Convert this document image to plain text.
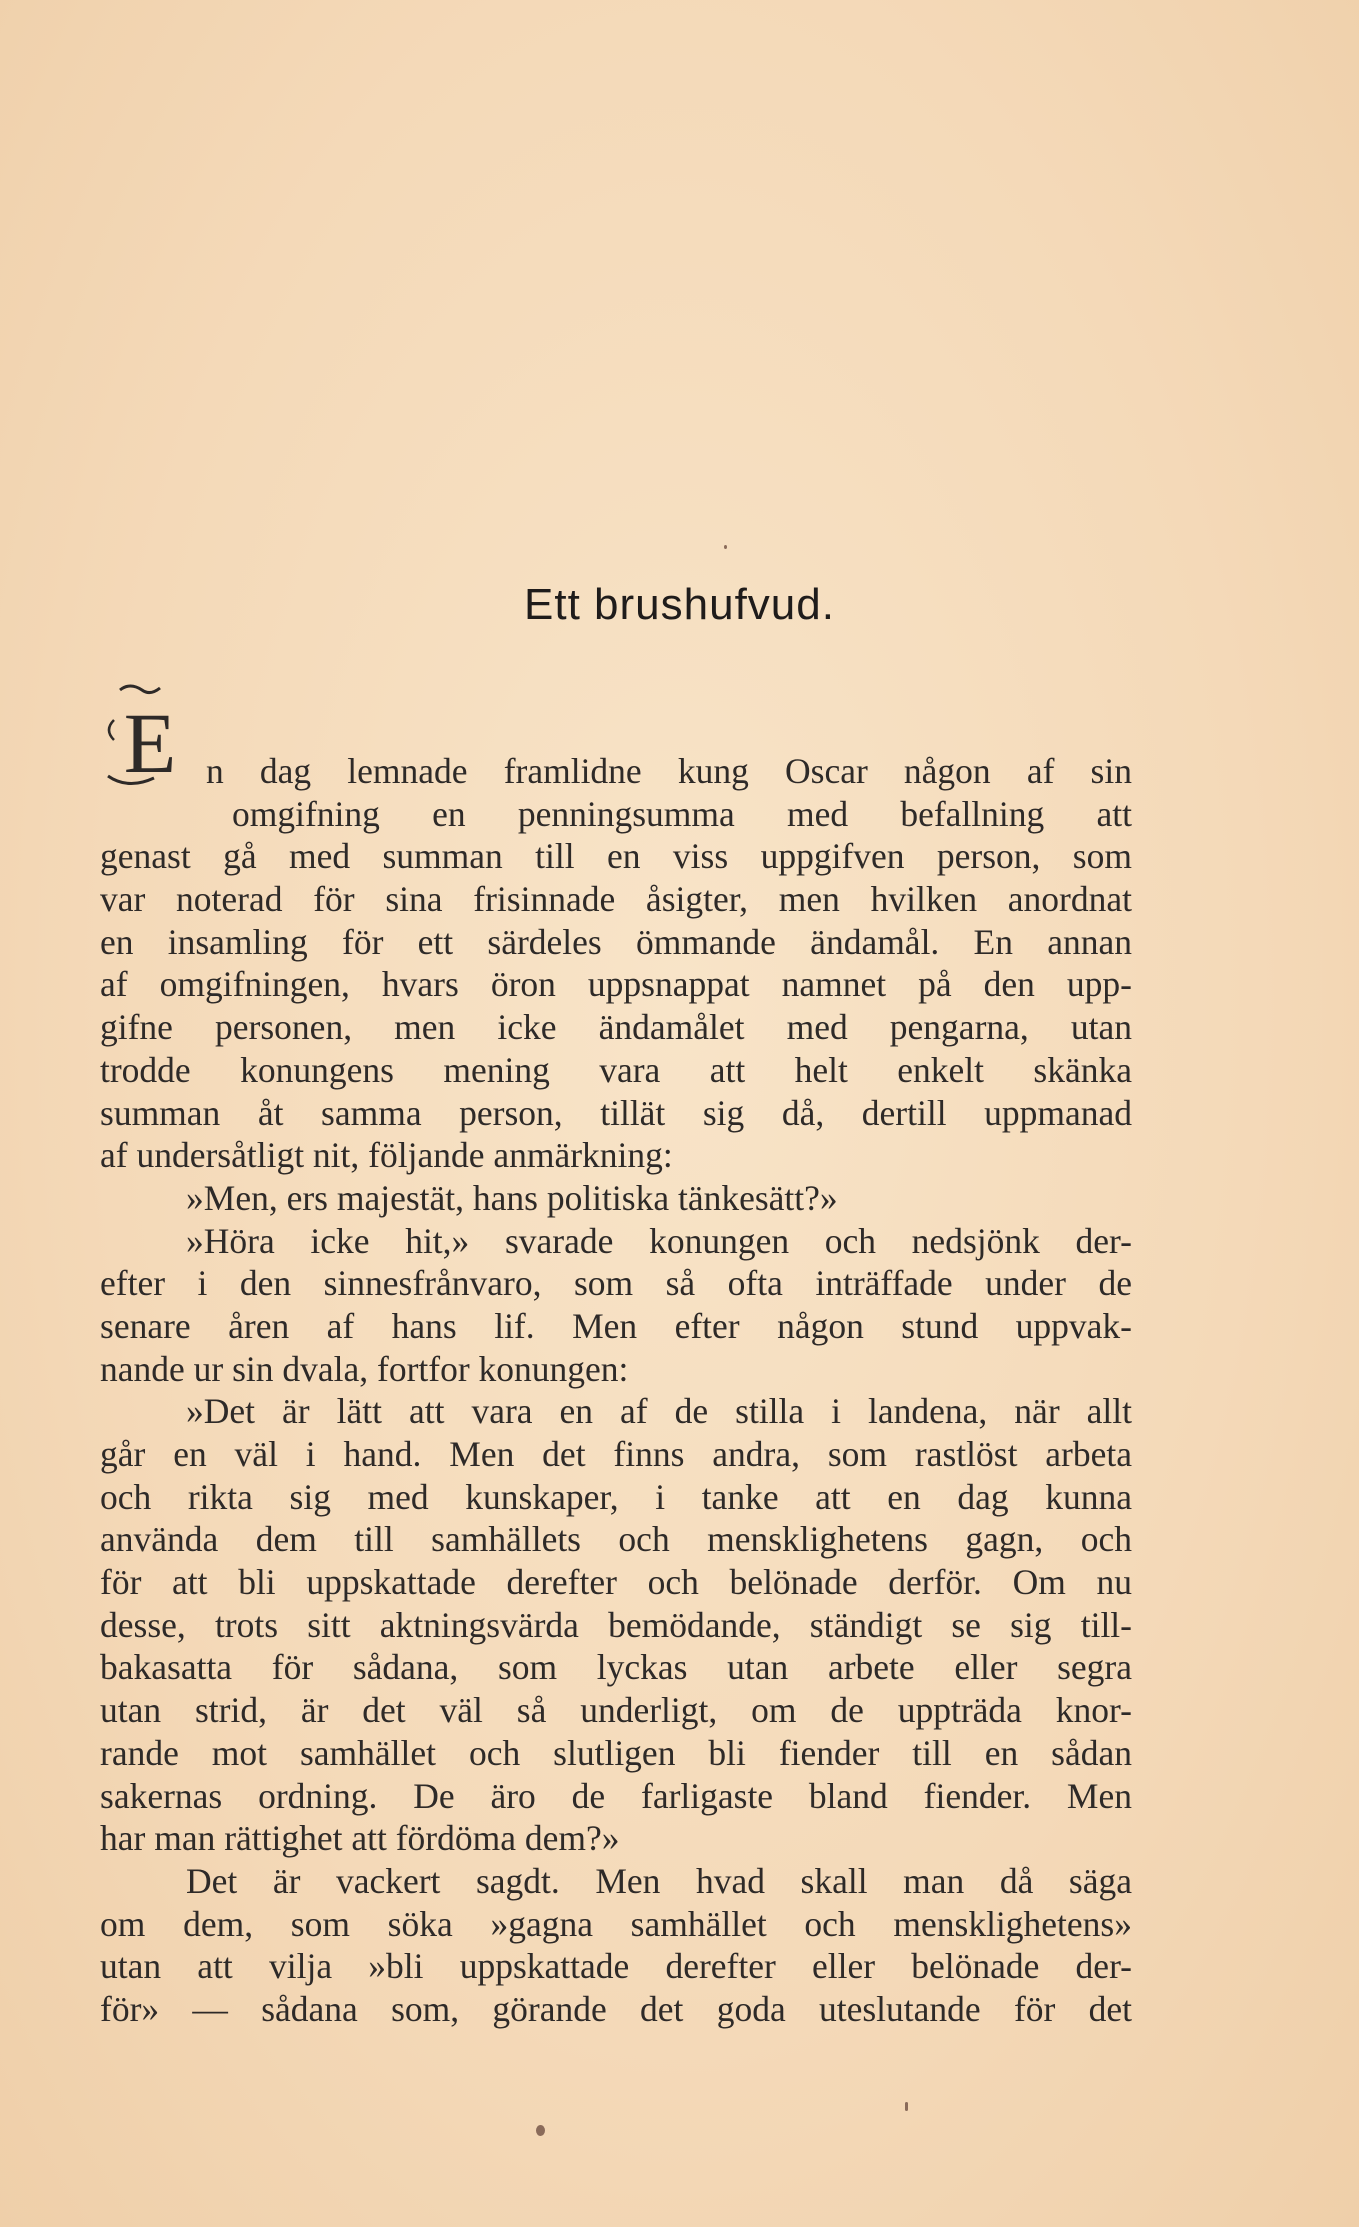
Ett brushufvud.
E n dag lemnade framlidne kung Oscar någon af sin
omgifning en penningsumma med befallning att
genast gå med summan till en viss uppgifven person, som
var noterad för sina frisinnade åsigter, men hvilken anordnat
en insamling för ett särdeles ömmande ändamål. En annan
af omgifningen, hvars öron uppsnappat namnet på den upp-
gifne personen, men icke ändamålet med pengarna, utan
trodde konungens mening vara att helt enkelt skänka
summan åt samma person, tillät sig då, dertill uppmanad
af undersåtligt nit, följande anmärkning:
»Men, ers majestät, hans politiska tänkesätt?»
»Höra icke hit,» svarade konungen och nedsjönk der-
efter i den sinnesfrånvaro, som så ofta inträffade under de
senare åren af hans lif. Men efter någon stund uppvak-
nande ur sin dvala, fortfor konungen:
»Det är lätt att vara en af de stilla i landena, när allt
går en väl i hand. Men det finns andra, som rastlöst arbeta
och rikta sig med kunskaper, i tanke att en dag kunna
använda dem till samhällets och mensklighetens gagn, och
för att bli uppskattade derefter och belönade derför. Om nu
desse, trots sitt aktningsvärda bemödande, ständigt se sig till-
bakasatta för sådana, som lyckas utan arbete eller segra
utan strid, är det väl så underligt, om de uppträda knor-
rande mot samhället och slutligen bli fiender till en sådan
sakernas ordning. De äro de farligaste bland fiender. Men
har man rättighet att fördöma dem?»
Det är vackert sagdt. Men hvad skall man då säga
om dem, som söka »gagna samhället och mensklighetens»
utan att vilja »bli uppskattade derefter eller belönade der-
för» — sådana som, görande det goda uteslutande för det
